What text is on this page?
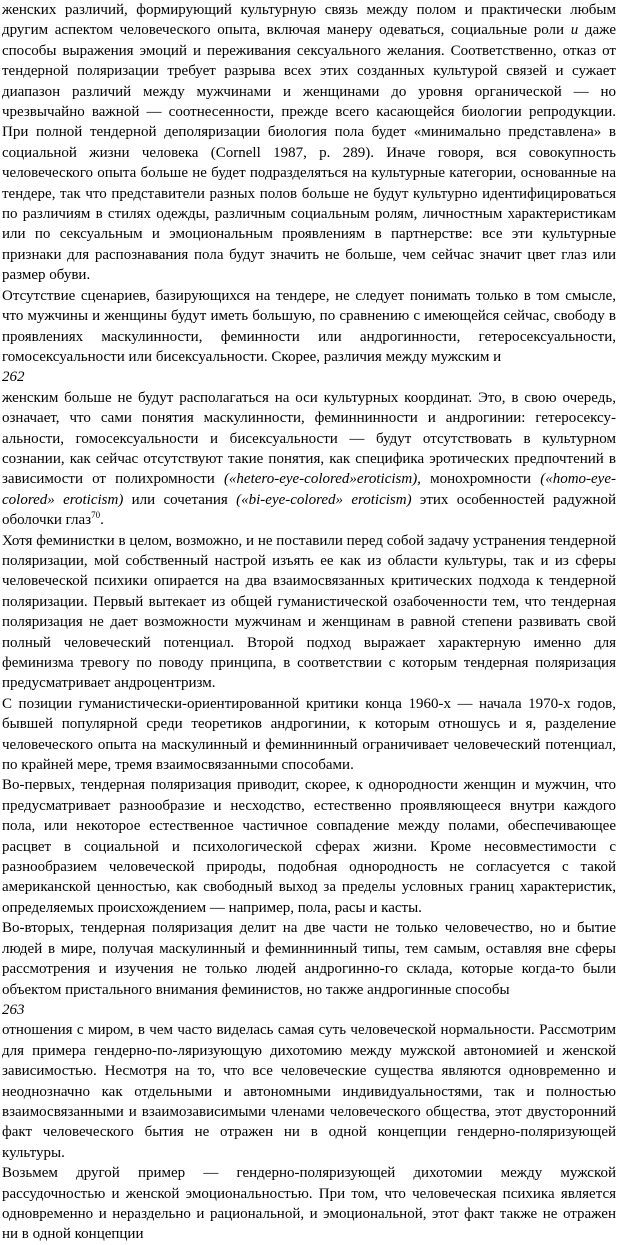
женских различий, формирующий культурную связь между полом и практически любым другим аспектом человеческого опыта, включая манеру одеваться, социальные роли и даже способы выражения эмоций и переживания сексуального желания. Соответственно, отказ от тендерной поляризации требует разрыва всех этих созданных культурой связей и сужает диапазон различий между мужчинами и женщинами до уровня органической — но чрезвычайно важной — соотнесенности, прежде всего касающейся биологии репродукции. При полной тендерной деполяризации биология пола будет «минимально представлена» в социальной жизни человека (Cornell 1987, p. 289). Иначе говоря, вся совокупность человеческого опыта больше не будет подразделяться на культурные категории, основанные на тендере, так что представители разных полов больше не будут культурно идентифицироваться по различиям в стилях одежды, различным социальным ролям, личностным характеристикам или по сексуальным и эмоциональным проявлениям в партнерстве: все эти культурные признаки для распознавания пола будут значить не больше, чем сейчас значит цвет глаз или размер обуви.

Отсутствие сценариев, базирующихся на тендере, не следует понимать только в том смысле, что мужчины и женщины будут иметь большую, по сравнению с имеющейся сейчас, свободу в проявлениях маскулинности, феминности или андрогинности, гетеросексуальности, гомосексуальности или бисексуальности. Скорее, различия между мужским и

262

женским больше не будут располагаться на оси культурных координат. Это, в свою очередь, означает, что сами понятия маскулинности, феминнинности и андрогинии: гетеросексу-альности, гомосексуальности и бисексуальности — будут отсутствовать в культурном сознании, как сейчас отсутствуют такие понятия, как специфика эротических предпочтений в зависимости от полихромности («hetero-eye-colored»eroticism), монохромности («homo-eye-colored» eroticism) или сочетания («bi-eye-colored» eroticism) этих особенностей радужной оболочки глаз$^{70}$.

Хотя феминистки в целом, возможно, и не поставили перед собой задачу устранения тендерной поляризации, мой собственный настрой изъять ее как из области культуры, так и из сферы человеческой психики опирается на два взаимосвязанных критических подхода к тендерной поляризации. Первый вытекает из общей гуманистической озабоченности тем, что тендерная поляризация не дает возможности мужчинам и женщинам в равной степени развивать свой полный человеческий потенциал. Второй подход выражает характерную именно для феминизма тревогу по поводу принципа, в соответствии с которым тендерная поляризация предусматривает андроцентризм.

С позиции гуманистически-ориентированной критики конца 1960-х — начала 1970-х годов, бывшей популярной среди теоретиков андрогинии, к которым отношусь и я, разделение человеческого опыта на маскулинный и феминнинный ограничивает человеческий потенциал, по крайней мере, тремя взаимосвязанными способами.

Во-первых, тендерная поляризация приводит, скорее, к однородности женщин и мужчин, что предусматривает разнообразие и несходство, естественно проявляющееся внутри каждого пола, или некоторое естественное частичное совпадение между полами, обеспечивающее расцвет в социальной и психологической сферах жизни. Кроме несовместимости с разнообразием человеческой природы, подобная однородность не согласуется с такой американской ценностью, как свободный выход за пределы условных границ характеристик, определяемых происхождением — например, пола, расы и касты.

Во-вторых, тендерная поляризация делит на две части не только человечество, но и бытие людей в мире, получая маскулинный и феминнинный типы, тем самым, оставляя вне сферы рассмотрения и изучения не только людей андрогинно-го склада, которые когда-то были объектом пристального внимания феминистов, но также андрогинные способы

263

отношения с миром, в чем часто виделась самая суть человеческой нормальности. Рассмотрим для примера гендерно-по-ляризующую дихотомию между мужской автономией и женской зависимостью. Несмотря на то, что все человеческие существа являются одновременно и неоднозначно как отдельными и автономными индивидуальностями, так и полностью взаимосвязанными и взаимозависимыми членами человеческого общества, этот двусторонний факт человеческого бытия не отражен ни в одной концепции гендерно-поляризующей культуры.

Возьмем другой пример — гендерно-поляризующей дихотомии между мужской рассудочностью и женской эмоциональностью. При том, что человеческая психика является одновременно и нераздельно и рациональной, и эмоциональной, этот факт также не отражен ни в одной концепции
